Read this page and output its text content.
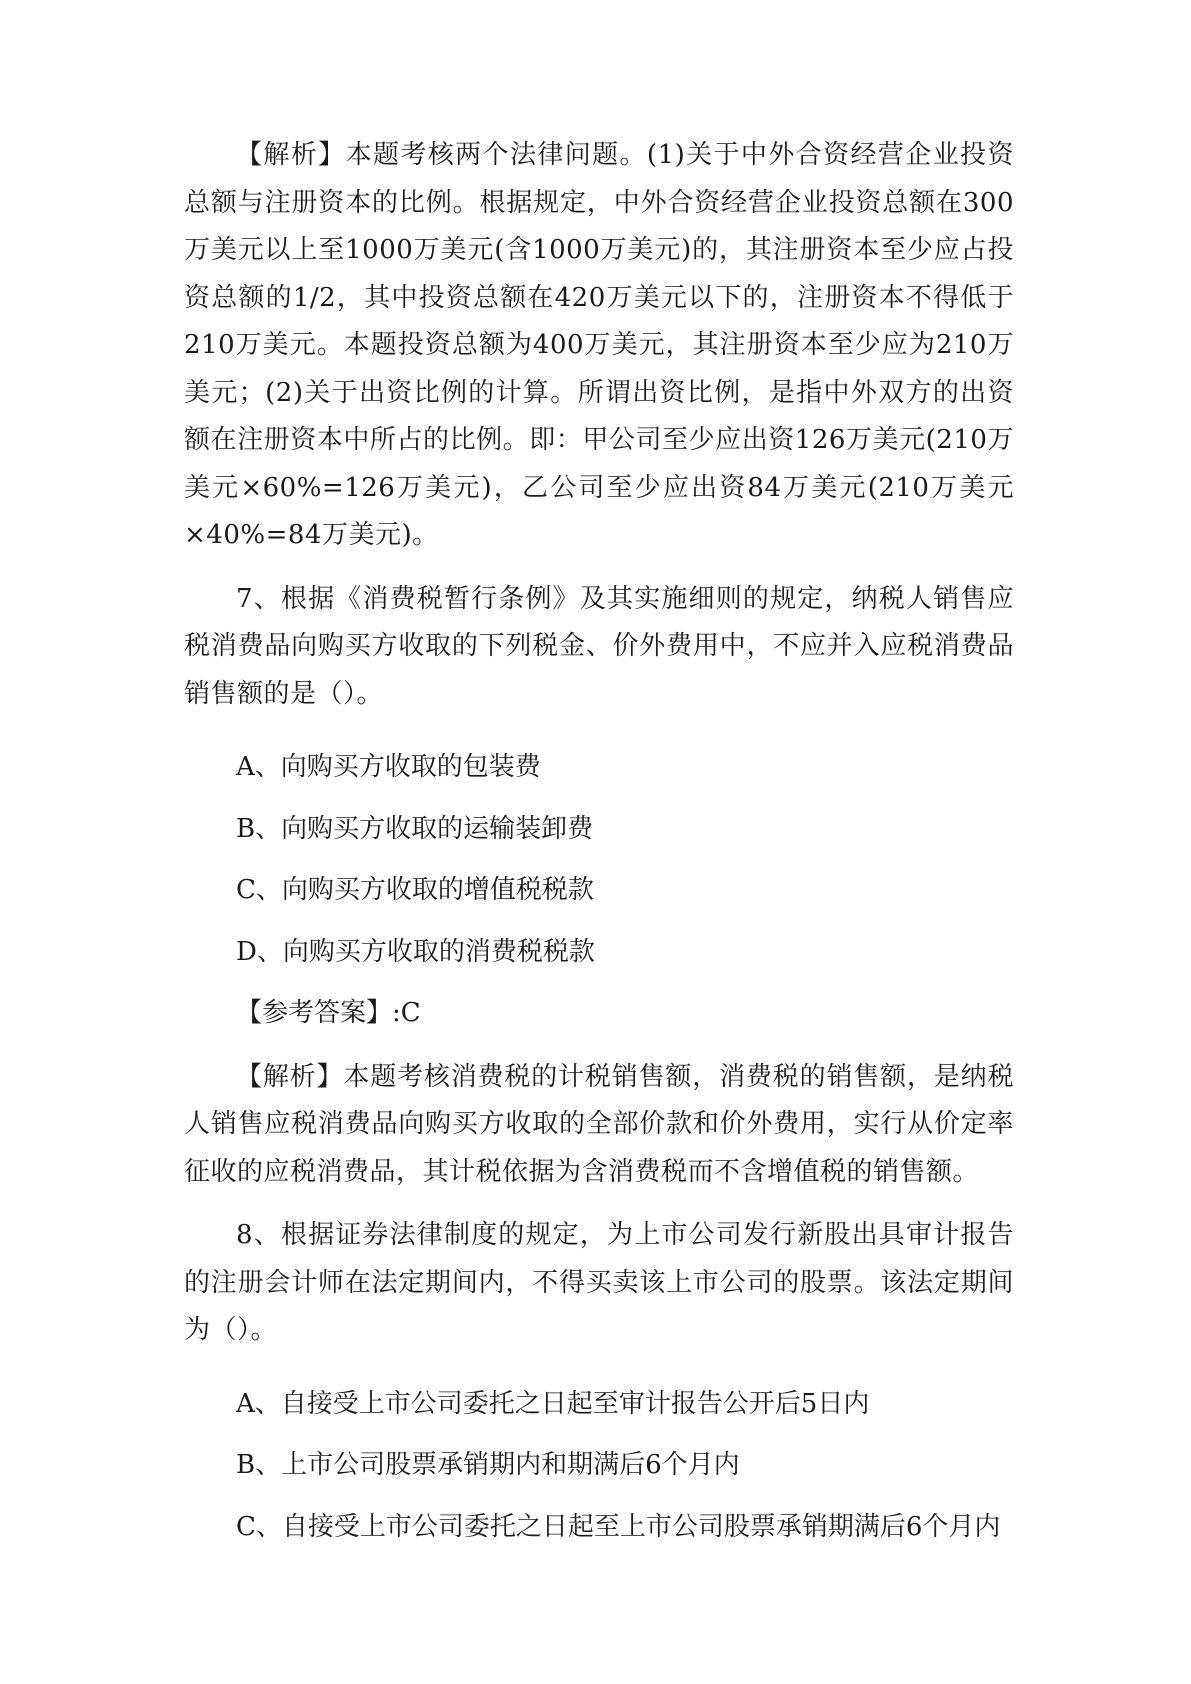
【解析】本题考核两个法律问题。(1)关于中外合资经营企业投资总额与注册资本的比例。根据规定，中外合资经营企业投资总额在300万美元以上至1000万美元(含1000万美元)的，其注册资本至少应占投资总额的1/2，其中投资总额在420万美元以下的，注册资本不得低于210万美元。本题投资总额为400万美元，其注册资本至少应为210万美元；(2)关于出资比例的计算。所谓出资比例，是指中外双方的出资额在注册资本中所占的比例。即：甲公司至少应出资126万美元(210万美元×60%=126万美元)，乙公司至少应出资84万美元(210万美元×40%=84万美元)。

7、根据《消费税暂行条例》及其实施细则的规定，纳税人销售应税消费品向购买方收取的下列税金、价外费用中，不应并入应税消费品销售额的是（）。

A、向购买方收取的包装费

B、向购买方收取的运输装卸费

C、向购买方收取的增值税税款

D、向购买方收取的消费税税款

【参考答案】:C

【解析】本题考核消费税的计税销售额，消费税的销售额，是纳税人销售应税消费品向购买方收取的全部价款和价外费用，实行从价定率征收的应税消费品，其计税依据为含消费税而不含增值税的销售额。

8、根据证券法律制度的规定，为上市公司发行新股出具审计报告的注册会计师在法定期间内，不得买卖该上市公司的股票。该法定期间为（）。

A、自接受上市公司委托之日起至审计报告公开后5日内

B、上市公司股票承销期内和期满后6个月内

C、自接受上市公司委托之日起至上市公司股票承销期满后6个月内
